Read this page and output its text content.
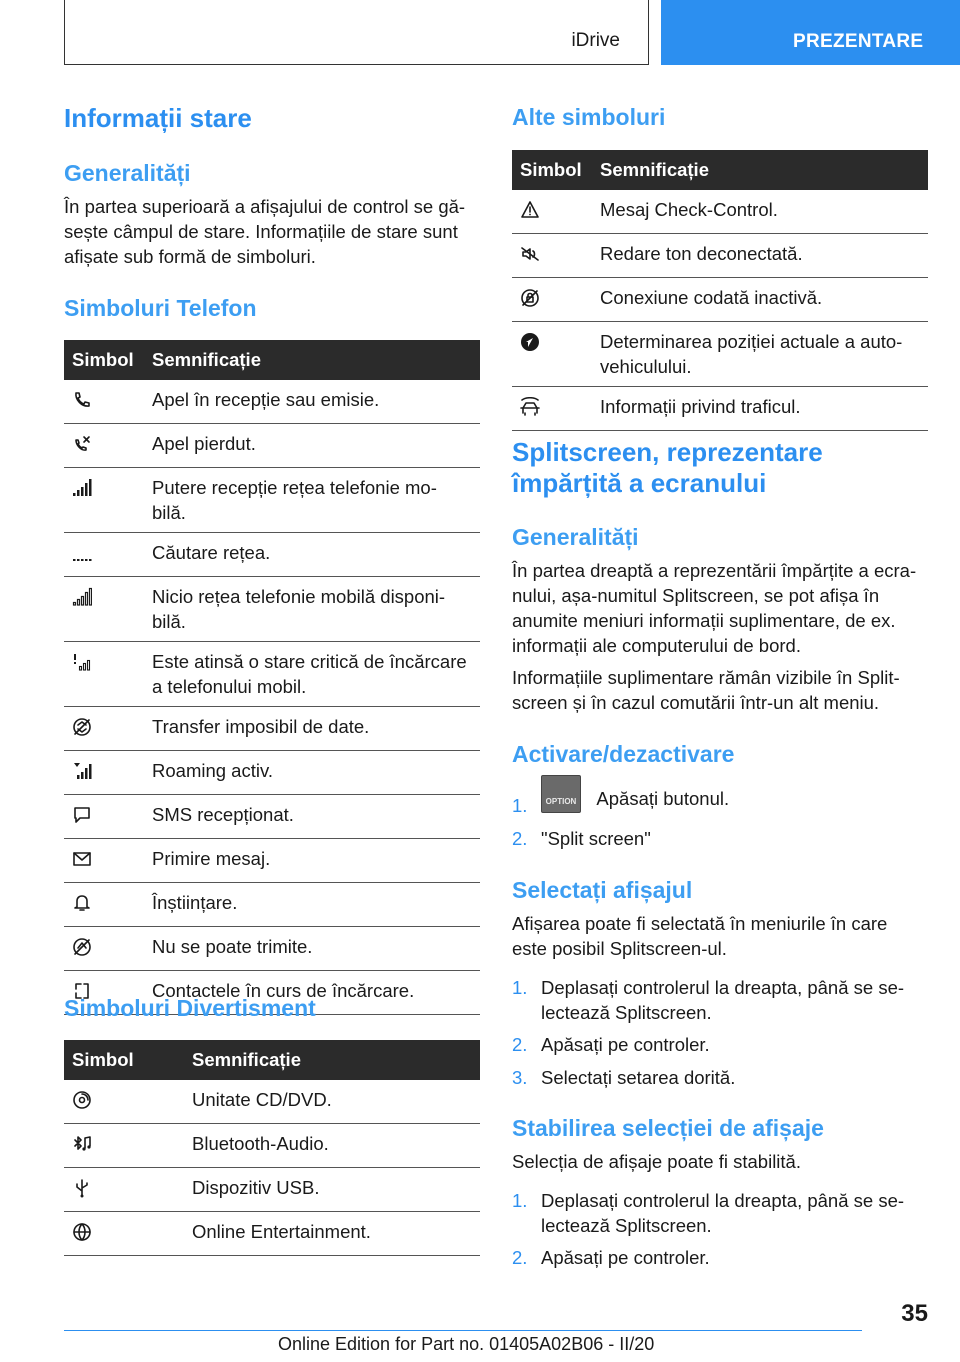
iDrive	PREZENTARE
Informații stare
Generalități
În partea superioară a afișajului de control se gă-
sește câmpul de stare. Informațiile de stare sunt
afișate sub formă de simboluri.
Simboluri Telefon
Simbol	Semnificație

Apel în recepție sau emisie.

Apel pierdut.

Putere recepție rețea telefonie mo-
bilă.

Căutare rețea.

Nicio rețea telefonie mobilă disponi-
bilă.

Este atinsă o stare critică de încărcare
a telefonului mobil.

Transfer imposibil de date.

Roaming activ.

SMS recepționat.

Primire mesaj.

Înștiințare.

Nu se poate trimite.

Contactele în curs de încărcare.
Simboluri Divertisment
Simbol	Semnificație

Unitate CD/DVD.

Bluetooth-Audio.

Dispozitiv USB.

Online Entertainment.
Alte simboluri
Simbol	Semnificație

Mesaj Check-Control.

Redare ton deconectată.

Conexiune codată inactivă.

Determinarea poziției actuale a auto-
vehiculului.

Informații privind traficul.
Splitscreen, reprezentare
împărțită a ecranului
Generalități
În partea dreaptă a reprezentării împărțite a ecra-
nului, așa-numitul Splitscreen, se pot afișa în
anumite meniuri informații suplimentare, de ex.
informații ale computerului de bord.
Informațiile suplimentare rămân vizibile în Split-
screen și în cazul comutării într-un alt meniu.
Activare/dezactivare
1.	OPTION Apăsați butonul.
2. "Split screen"
Selectați afișajul
Afișarea poate fi selectată în meniurile în care
este posibil Splitscreen-ul.
1. Deplasați controlerul la dreapta, până se se-
lectează Splitscreen.
2. Apăsați pe controler.
3. Selectați setarea dorită.
Stabilirea selecției de afișaje
Selecția de afișaje poate fi stabilită.
1. Deplasați controlerul la dreapta, până se se-
lectează Splitscreen.
2. Apăsați pe controler.
35
Online Edition for Part no. 01405A02B06 - II/20
